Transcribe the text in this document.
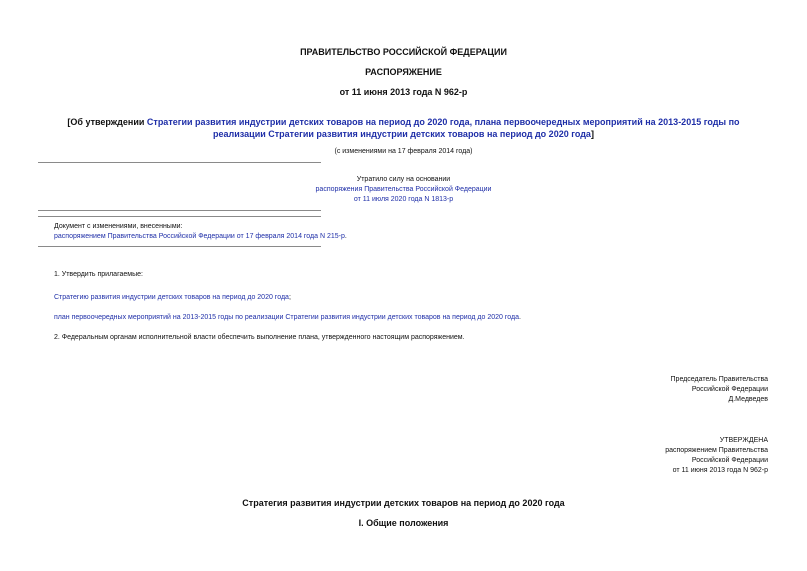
ПРАВИТЕЛЬСТВО РОССИЙСКОЙ ФЕДЕРАЦИИ
РАСПОРЯЖЕНИЕ
от 11 июня 2013 года N 962-р
[Об утверждении Стратегии развития индустрии детских товаров на период до 2020 года, плана первоочередных мероприятий на 2013-2015 годы по реализации Стратегии развития индустрии детских товаров на период до 2020 года]
(с изменениями на 17 февраля 2014 года)
Утратило силу на основании
распоряжения Правительства Российской Федерации
от 11 июля 2020 года N 1813-р
Документ с изменениями, внесенными:
распоряжением Правительства Российской Федерации от 17 февраля 2014 года N 215-р.
1. Утвердить прилагаемые:
Стратегию развития индустрии детских товаров на период до 2020 года;
план первоочередных мероприятий на 2013-2015 годы по реализации Стратегии развития индустрии детских товаров на период до 2020 года.
2. Федеральным органам исполнительной власти обеспечить выполнение плана, утвержденного настоящим распоряжением.
Председатель Правительства
Российской Федерации
Д.Медведев
УТВЕРЖДЕНА
распоряжением Правительства
Российской Федерации
от 11 июня 2013 года N 962-р
Стратегия развития индустрии детских товаров на период до 2020 года
I. Общие положения
